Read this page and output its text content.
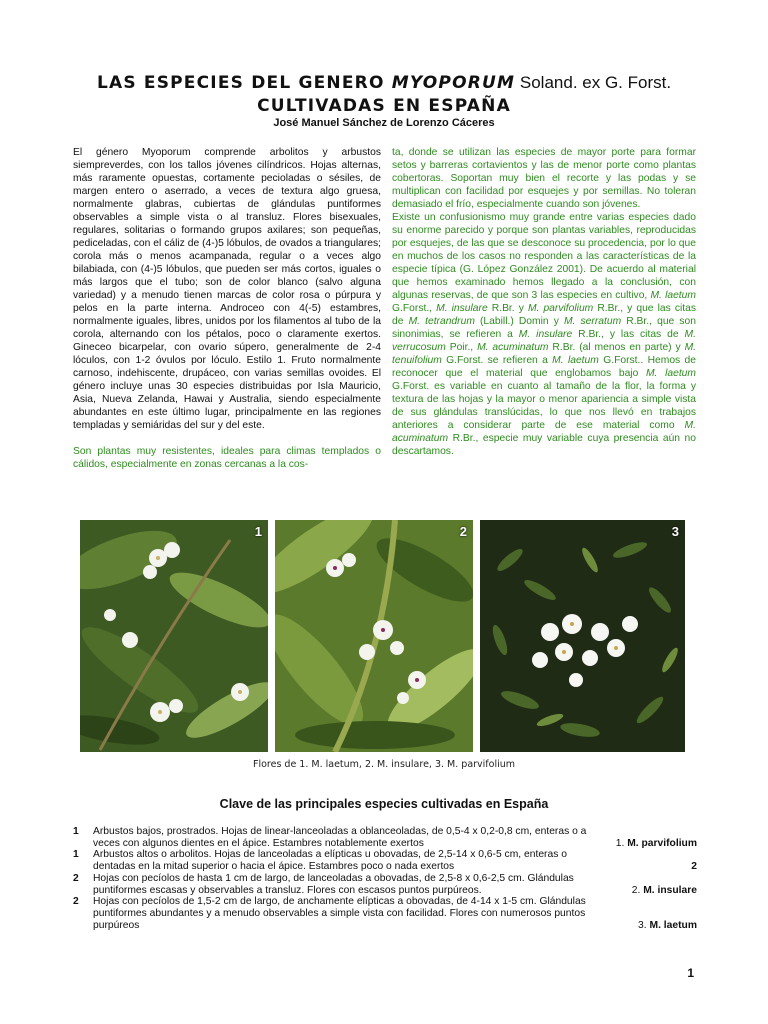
LAS ESPECIES DEL GENERO MYOPORUM Soland. ex G. Forst.
CULTIVADAS EN ESPAÑA
José Manuel Sánchez de Lorenzo Cáceres

El género Myoporum comprende arbolitos y arbustos siempreverdes, con los tallos jóvenes cilíndricos. Hojas alternas, más raramente opuestas, cortamente pecioladas o sésiles, de margen entero o aserrado, a veces de textura algo gruesa, normalmente glabras, cubiertas de glándulas puntiformes observables a simple vista o al transluz. Flores bisexuales, regulares, solitarias o formando grupos axilares; son pequeñas, pediceladas, con el cáliz de (4-)5 lóbulos, de ovados a triangulares; corola más o menos acampanada, regular o a veces algo bilabiada, con (4-)5 lóbulos, que pueden ser más cortos, iguales o más largos que el tubo; son de color blanco (salvo alguna variedad) y a menudo tienen marcas de color rosa o púrpura y pelos en la parte interna. Androceo con 4(-5) estambres, normalmente iguales, libres, unidos por los filamentos al tubo de la corola, alternando con los pétalos, poco o claramente exertos. Gineceo bicarpelar, con ovario súpero, generalmente de 2-4 lóculos, con 1-2 óvulos por lóculo. Estilo 1. Fruto normalmente carnoso, indehiscente, drupáceo, con varias semillas ovoides. El género incluye unas 30 especies distribuidas por Isla Mauricio, Asia, Nueva Zelanda, Hawai y Australia, siendo especialmente abundantes en este último lugar, principalmente en las regiones templadas y semiáridas del sur y del este.

Son plantas muy resistentes, ideales para climas templados o cálidos, especialmente en zonas cercanas a la cos-

ta, donde se utilizan las especies de mayor porte para formar setos y barreras cortavientos y las de menor porte como plantas cobertoras. Soportan muy bien el recorte y las podas y se multiplican con facilidad por esquejes y por semillas. No toleran demasiado el frío, especialmente cuando son jóvenes.

Existe un confusionismo muy grande entre varias especies dado su enorme parecido y porque son plantas variables, reproducidas por esquejes, de las que se desconoce su procedencia, por lo que en muchos de los casos no responden a las características de la especie típica (G. López González 2001). De acuerdo al material que hemos examinado hemos llegado a la conclusión, con algunas reservas, de que son 3 las especies en cultivo, M. laetum G.Forst., M. insulare R.Br. y M. parvifolium R.Br., y que las citas de M. tetrandrum (Labill.) Domin y M. serratum R.Br., que son sinonimias, se refieren a M. insulare R.Br., y las citas de M. verrucosum Poir., M. acuminatum R.Br. (al menos en parte) y M. tenuifolium G.Forst. se refieren a M. laetum G.Forst.. Hemos de reconocer que el material que englobamos bajo M. laetum G.Forst. es variable en cuanto al tamaño de la flor, la forma y textura de las hojas y la mayor o menor apariencia a simple vista de sus glándulas translúcidas, lo que nos llevó en trabajos anteriores a considerar parte de ese material como M. acuminatum R.Br., especie muy variable cuya presencia aún no descartamos.

1	2	3
Flores de 1. M. laetum, 2. M. insulare, 3. M. parvifolium
Clave de las principales especies cultivadas en España
1	Arbustos bajos, prostrados. Hojas de linear-lanceoladas a oblanceoladas, de 0,5-4 x 0,2-0,8 cm, enteras o a veces con algunos dientes en el ápice. Estambres notablemente exertos	1. M. parvifolium
1	Arbustos altos o arbolitos. Hojas de lanceoladas a elípticas u obovadas, de 2,5-14 x 0,6-5 cm, enteras o dentadas en la mitad superior o hacia el ápice. Estambres poco o nada exertos	2
2	Hojas con pecíolos de hasta 1 cm de largo, de lanceoladas a obovadas, de 2,5-8 x 0,6-2,5 cm. Glándulas puntiformes escasas y observables a transluz. Flores con escasos puntos purpúreos.	2. M. insulare
2	Hojas con pecíolos de 1,5-2 cm de largo, de anchamente elípticas a obovadas, de 4-14 x 1-5 cm. Glándulas puntiformes abundantes y a menudo observables a simple vista con facilidad. Flores con numerosos puntos purpúreos	3. M. laetum
1
